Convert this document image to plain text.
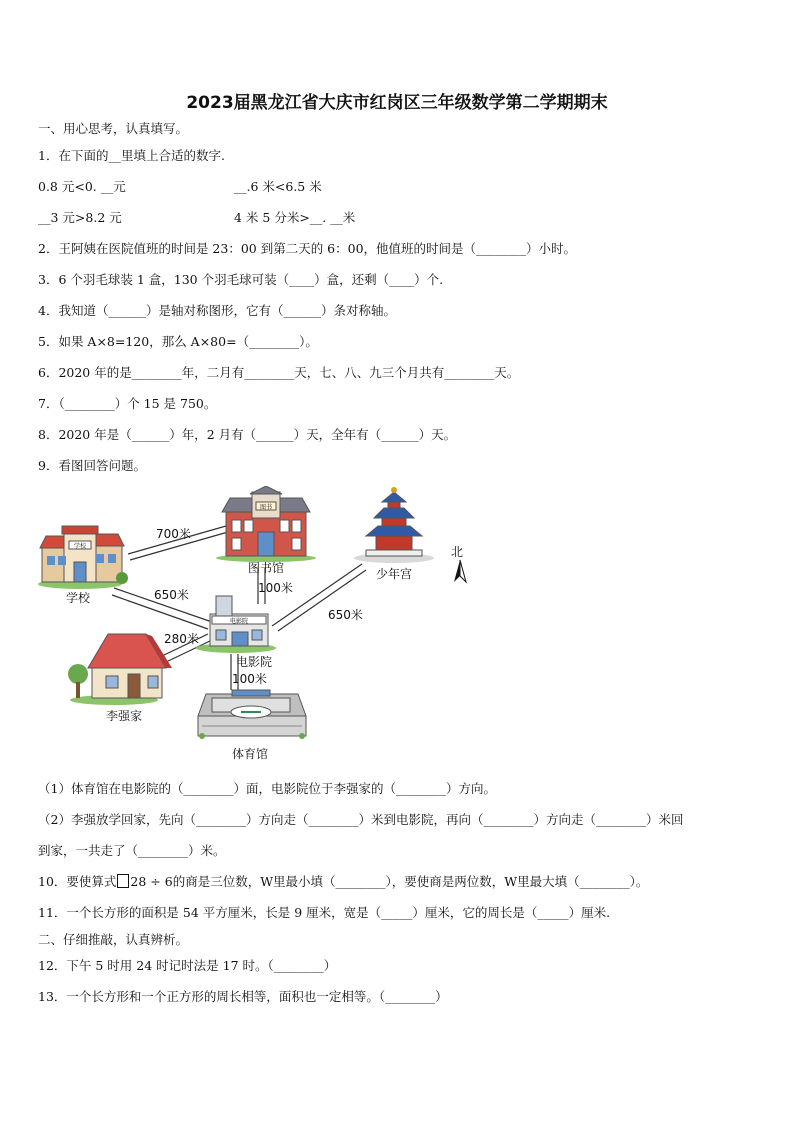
2023届黑龙江省大庆市红岗区三年级数学第二学期期末
一、用心思考，认真填写。
1．在下面的__里填上合适的数字.
0.8 元<0. __元	__.6 米<6.5 米
__3 元>8.2 元	4 米 5 分米>__. __米
2．王阿姨在医院值班的时间是 23：00 到第二天的 6：00，他值班的时间是（________）小时。
3．6 个羽毛球装 1 盒，130 个羽毛球可装（____）盒，还剩（____）个.
4．我知道（______）是轴对称图形，它有（______）条对称轴。
5．如果 A×8=120，那么 A×80=（________）。
6．2020 年的是________年，二月有________天，七、八、九三个月共有________天。
7．（________）个 15 是 750。
8．2020 年是（______）年，2 月有（______）天，全年有（______）天。
9．看图回答问题。
学校
学校
图书
图书馆	少年宫
北
电影院
电影院
李强家
体育馆
700米
650米	100米
650米
280米
100米
（1）体育馆在电影院的（________）面，电影院位于李强家的（________）方向。
（2）李强放学回家，先向（________）方向走（________）米到电影院，再向（________）方向走（________）米回
到家，一共走了（________）米。
10．要使算式 28 ÷ 6的商是三位数，W里最小填（________），要使商是两位数，W里最大填（________）。
11．一个长方形的面积是 54 平方厘米，长是 9 厘米，宽是（_____）厘米，它的周长是（_____）厘米.
二、仔细推敲，认真辨析。
12．下午 5 时用 24 时记时法是 17 时。（________）
13．一个长方形和一个正方形的周长相等，面积也一定相等。（________）
